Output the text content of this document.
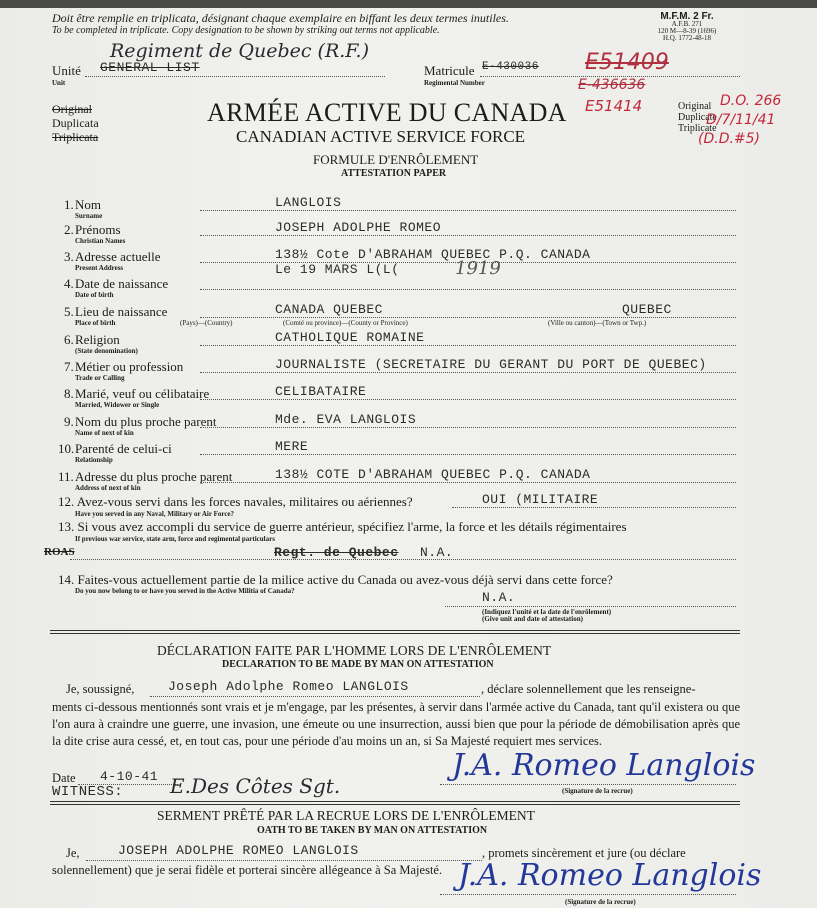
Doit être remplie en triplicata, désignant chaque exemplaire en biffant les deux termes inutiles.
To be completed in triplicate. Copy designation to be shown by striking out terms not applicable.
M.F.M. 2 Fr.
A.F.B. 271
120 M—8-39 (1696)
H.Q. 1772-48-18
Regiment de Quebec (R.F.)
Unité
Unit
GENERAL LIST	Matricule
Regimental Number
E-430036 E51409
E-436636
E51414
Original
Duplicata
Triplicata
Original
Duplicate
Triplicate
D.O. 266
D/7/11/41
(D.D.#5)
ARMÉE ACTIVE DU CANADA
CANADIAN ACTIVE SERVICE FORCE
FORMULE D'ENRÔLEMENT
ATTESTATION PAPER
1. Nom
Surname
LANGLOIS
2. Prénoms
Christian Names
JOSEPH ADOLPHE ROMEO
3. Adresse actuelle
Present Address
138½ Cote D'ABRAHAM QUEBEC P.Q. CANADA
4. Date de naissance
Date of birth
Le 19 MARS L(L(	1919
5. Lieu de naissance
Place of birth
CANADA QUEBEC	QUEBEC
(Pays)—(Country)	(Comté ou province)—(County or Province)	(Ville ou canton)—(Town or Twp.)
6. Religion
(State denomination)
CATHOLIQUE ROMAINE
7. Métier ou profession
Trade or Calling
JOURNALISTE (SECRETAIRE DU GERANT DU PORT DE QUEBEC)
8. Marié, veuf ou célibataire
Married, Widower or Single
CELIBATAIRE
9. Nom du plus proche parent
Name of next of kin
Mde. EVA LANGLOIS
10. Parenté de celui-ci
Relationship
MERE
11. Adresse du plus proche parent
Address of next of kin
138½ COTE D'ABRAHAM QUEBEC P.Q. CANADA
12. Avez-vous servi dans les forces navales, militaires ou aériennes?
Have you served in any Naval, Military or Air Force?
OUI (MILITAIRE
13. Si vous avez accompli du service de guerre antérieur, spécifiez l'arme, la force et les détails régimentaires
If previous war service, state arm, force and regimental particulars
ROAS	Regt. de Quebec N.A.
14. Faites-vous actuellement partie de la milice active du Canada ou avez-vous déjà servi dans cette force?
Do you now belong to or have you served in the Active Militia of Canada?	N.A.
(Indiquez l'unité et la date de l'enrôlement)
(Give unit and date of attestation)
DÉCLARATION FAITE PAR L'HOMME LORS DE L'ENRÔLEMENT
DECLARATION TO BE MADE BY MAN ON ATTESTATION
Je, soussigné,	Joseph Adolphe Romeo LANGLOIS	, déclare solennellement que les renseigne-
ments ci-dessous mentionnés sont vrais et je m'engage, par les présentes, à servir dans l'armée active du Canada, tant qu'il existera ou que l'on aura à craindre une guerre, une invasion, une émeute ou une insurrection, aussi bien que pour la période de démobilisation après que la dite crise aura cessé, et, en tout cas, pour une période d'au moins un an, si Sa Majesté requiert mes services.
Date 4-10-41
WITNESS: E.Des Côtes Sgt.
J.A. Romeo Langlois
(Signature de la recrue)
SERMENT PRÊTÉ PAR LA RECRUE LORS DE L'ENRÔLEMENT
OATH TO BE TAKEN BY MAN ON ATTESTATION
Je,	JOSEPH ADOLPHE ROMEO LANGLOIS	, promets sincèrement et jure (ou déclare
solennellement) que je serai fidèle et porterai sincère allégeance à Sa Majesté. J.A. Romeo Langlois
(Signature de la recrue)
